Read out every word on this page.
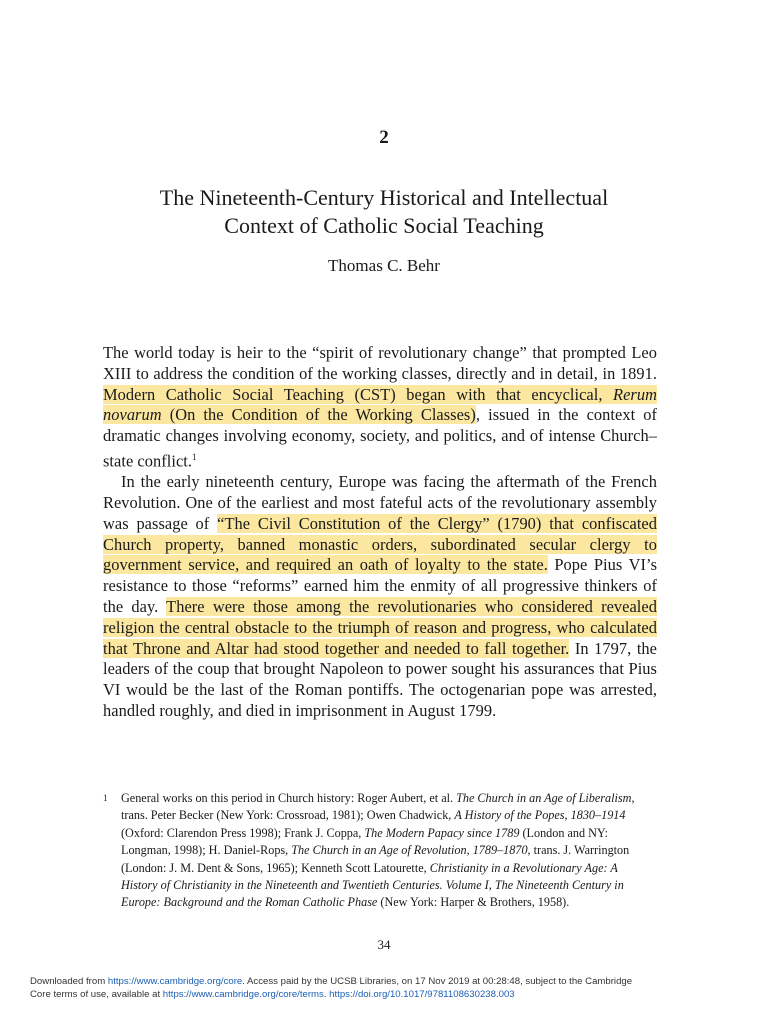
2
The Nineteenth-Century Historical and Intellectual
Context of Catholic Social Teaching
Thomas C. Behr

The world today is heir to the “spirit of revolutionary change” that prompted Leo XIII to address the condition of the working classes, directly and in detail, in 1891. Modern Catholic Social Teaching (CST) began with that encyclical, Rerum novarum (On the Condition of the Working Classes), issued in the context of dramatic changes involving economy, society, and politics, and of intense Church–state conflict.$^1$

In the early nineteenth century, Europe was facing the aftermath of the French Revolution. One of the earliest and most fateful acts of the revolutionary assembly was passage of “The Civil Constitution of the Clergy” (1790) that confiscated Church property, banned monastic orders, subordinated secular clergy to government service, and required an oath of loyalty to the state. Pope Pius VI’s resistance to those “reforms” earned him the enmity of all progressive thinkers of the day. There were those among the revolutionaries who considered revealed religion the central obstacle to the triumph of reason and progress, who calculated that Throne and Altar had stood together and needed to fall together. In 1797, the leaders of the coup that brought Napoleon to power sought his assurances that Pius VI would be the last of the Roman pontiffs. The octogenarian pope was arrested, handled roughly, and died in imprisonment in August 1799.

1 General works on this period in Church history: Roger Aubert, et al. The Church in an Age of Liberalism, trans. Peter Becker (New York: Crossroad, 1981); Owen Chadwick, A History of the Popes, 1830–1914 (Oxford: Clarendon Press 1998); Frank J. Coppa, The Modern Papacy since 1789 (London and NY: Longman, 1998); H. Daniel-Rops, The Church in an Age of Revolution, 1789–1870, trans. J. Warrington (London: J. M. Dent & Sons, 1965); Kenneth Scott Latourette, Christianity in a Revolutionary Age: A History of Christianity in the Nineteenth and Twentieth Centuries. Volume I, The Nineteenth Century in Europe: Background and the Roman Catholic Phase (New York: Harper & Brothers, 1958).
34
Downloaded from https://www.cambridge.org/core. Access paid by the UCSB Libraries, on 17 Nov 2019 at 00:28:48, subject to the Cambridge
Core terms of use, available at https://www.cambridge.org/core/terms. https://doi.org/10.1017/9781108630238.003
